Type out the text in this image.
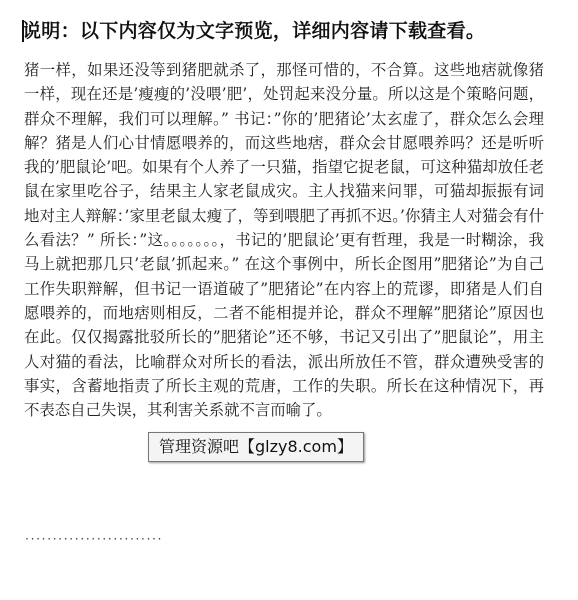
说明：以下内容仅为文字预览，详细内容请下载查看。

猪一样，如果还没等到猪肥就杀了，那怪可惜的，不合算。这些地痞就像猪一样，现在还是’瘦瘦的’没喂’肥’，处罚起来没分量。所以这是个策略问题，群众不理解，我们可以理解。” 书记：”你的’肥猪论’太玄虚了，群众怎么会理解？猪是人们心甘情愿喂养的，而这些地痞，群众会甘愿喂养吗？还是听听我的’肥鼠论’吧。如果有个人养了一只猫，指望它捉老鼠，可这种猫却放任老鼠在家里吃谷子，结果主人家老鼠成灾。主人找猫来问罪，可猫却振振有词地对主人辩解：’家里老鼠太瘦了，等到喂肥了再抓不迟。’你猜主人对猫会有什么看法？” 所长：”这。。。。。。。，书记的’肥鼠论’更有哲理，我是一时糊涂，我马上就把那几只’老鼠’抓起来。” 在这个事例中，所长企图用”肥猪论”为自己工作失职辩解，但书记一语道破了”肥猪论”在内容上的荒谬，即猪是人们自愿喂养的，而地痞则相反，二者不能相提并论，群众不理解”肥猪论”原因也在此。仅仅揭露批驳所长的”肥猪论”还不够，书记又引出了”肥鼠论”，用主人对猫的看法，比喻群众对所长的看法，派出所放任不管，群众遭殃受害的事实，含蓄地指责了所长主观的荒唐，工作的失职。所长在这种情况下，再不表态自己失误，其利害关系就不言而喻了。

·························
管理资源吧【glzy8.com】
